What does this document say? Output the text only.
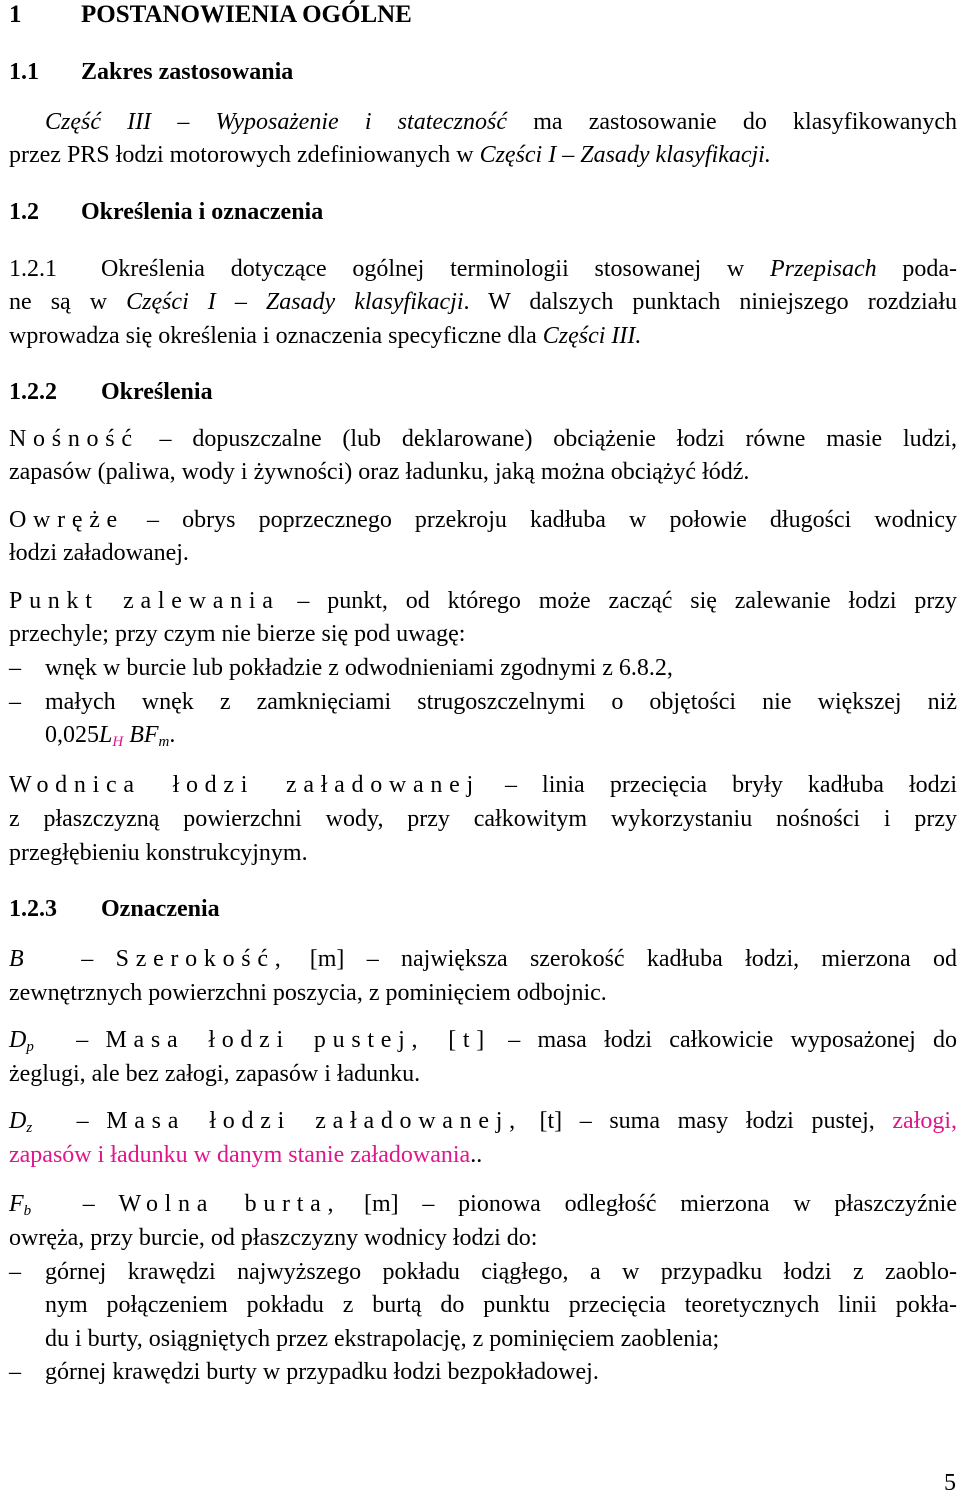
1 POSTANOWIENIA OGÓLNE
1.1 Zakres zastosowania
Część III – Wyposażenie i stateczność ma zastosowanie do klasyfikowanych
przez PRS łodzi motorowych zdefiniowanych w Części I – Zasady klasyfikacji.
1.2 Określenia i oznaczenia
1.2.1 Określenia dotyczące ogólnej terminologii stosowanej w Przepisach poda-
ne są w Części I – Zasady klasyfikacji. W dalszych punktach niniejszego rozdziału
wprowadza się określenia i oznaczenia specyficzne dla Części III.
1.2.2 Określenia
Nośność – dopuszczalne (lub deklarowane) obciążenie łodzi równe masie ludzi,
zapasów (paliwa, wody i żywności) oraz ładunku, jaką można obciążyć łódź.
Owręże – obrys poprzecznego przekroju kadłuba w połowie długości wodnicy
łodzi załadowanej.
Punkt zalewania – punkt, od którego może zacząć się zalewanie łodzi przy
przechyle; przy czym nie bierze się pod uwagę:
–	wnęk w burcie lub pokładzie z odwodnieniami zgodnymi z 6.8.2,
–	małych wnęk z zamknięciami strugoszczelnymi o objętości nie większej niż
$0,025L_H$ $BF_m$.
Wodnica łodzi załadowanej – linia przecięcia bryły kadłuba łodzi
z płaszczyzną powierzchni wody, przy całkowitym wykorzystaniu nośności i przy
przegłębieniu konstrukcyjnym.
1.2.3 Oznaczenia
B – Szerokość, [m] – największa szerokość kadłuba łodzi, mierzona od
zewnętrznych powierzchni poszycia, z pominięciem odbojnic.
$D_p$ – Masa łodzi pustej, [t] – masa łodzi całkowicie wyposażonej do
żeglugi, ale bez załogi, zapasów i ładunku.
$D_z$ – Masa łodzi załadowanej, [t] – suma masy łodzi pustej, załogi,
zapasów i ładunku w danym stanie załadowania..
$F_b$ – Wolna burta, [m] – pionowa odległość mierzona w płaszczyźnie
owręża, przy burcie, od płaszczyzny wodnicy łodzi do:
–	górnej krawędzi najwyższego pokładu ciągłego, a w przypadku łodzi z zaoblo-
nym połączeniem pokładu z burtą do punktu przecięcia teoretycznych linii pokła-
du i burty, osiągniętych przez ekstrapolację, z pominięciem zaoblenia;
–	górnej krawędzi burty w przypadku łodzi bezpokładowej.
5
